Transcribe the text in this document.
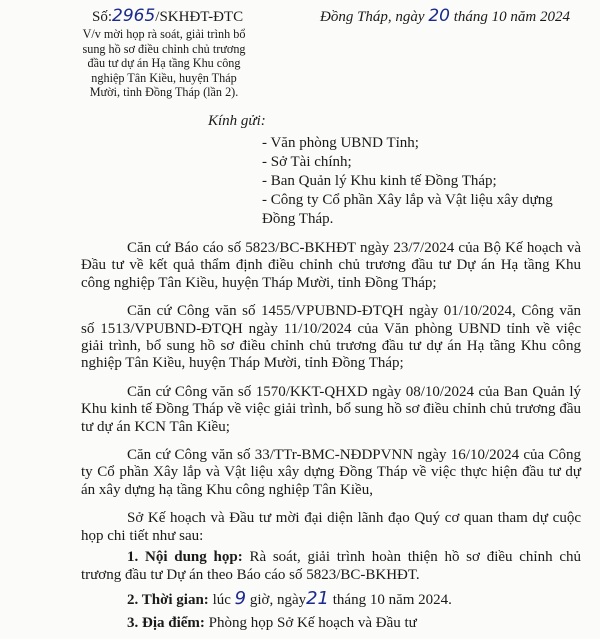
Số:2965/SKHĐT-ĐTC	Đồng Tháp, ngày 20 tháng 10 năm 2024
V/v mời họp rà soát, giải trình bổ
sung hồ sơ điều chỉnh chủ trương
đầu tư dự án Hạ tầng Khu công
nghiệp Tân Kiều, huyện Tháp
Mười, tỉnh Đồng Tháp (lần 2).
Kính gửi:
- Văn phòng UBND Tỉnh;
- Sở Tài chính;
- Ban Quản lý Khu kinh tế Đồng Tháp;
- Công ty Cổ phần Xây lắp và Vật liệu xây dựng
Đồng Tháp.

Căn cứ Báo cáo số 5823/BC-BKHĐT ngày 23/7/2024 của Bộ Kế hoạch và Đầu tư về kết quả thẩm định điều chỉnh chủ trương đầu tư Dự án Hạ tầng Khu công nghiệp Tân Kiều, huyện Tháp Mười, tỉnh Đồng Tháp;

Căn cứ Công văn số 1455/VPUBND-ĐTQH ngày 01/10/2024, Công văn số 1513/VPUBND-ĐTQH ngày 11/10/2024 của Văn phòng UBND tỉnh về việc giải trình, bổ sung hồ sơ điều chỉnh chủ trương đầu tư dự án Hạ tầng Khu công nghiệp Tân Kiều, huyện Tháp Mười, tỉnh Đồng Tháp;

Căn cứ Công văn số 1570/KKT-QHXD ngày 08/10/2024 của Ban Quản lý Khu kinh tế Đồng Tháp về việc giải trình, bổ sung hồ sơ điều chỉnh chủ trương đầu tư dự án KCN Tân Kiều;

Căn cứ Công văn số 33/TTr-BMC-NĐDPVNN ngày 16/10/2024 của Công ty Cổ phần Xây lắp và Vật liệu xây dựng Đồng Tháp về việc thực hiện đầu tư dự án xây dựng hạ tầng Khu công nghiệp Tân Kiều,

Sở Kế hoạch và Đầu tư mời đại diện lãnh đạo Quý cơ quan tham dự cuộc họp chi tiết như sau:

1. Nội dung họp: Rà soát, giải trình hoàn thiện hồ sơ điều chỉnh chủ trương đầu tư Dự án theo Báo cáo số 5823/BC-BKHĐT.

2. Thời gian: lúc 9 giờ, ngày21 tháng 10 năm 2024.

3. Địa điểm: Phòng họp Sở Kế hoạch và Đầu tư
